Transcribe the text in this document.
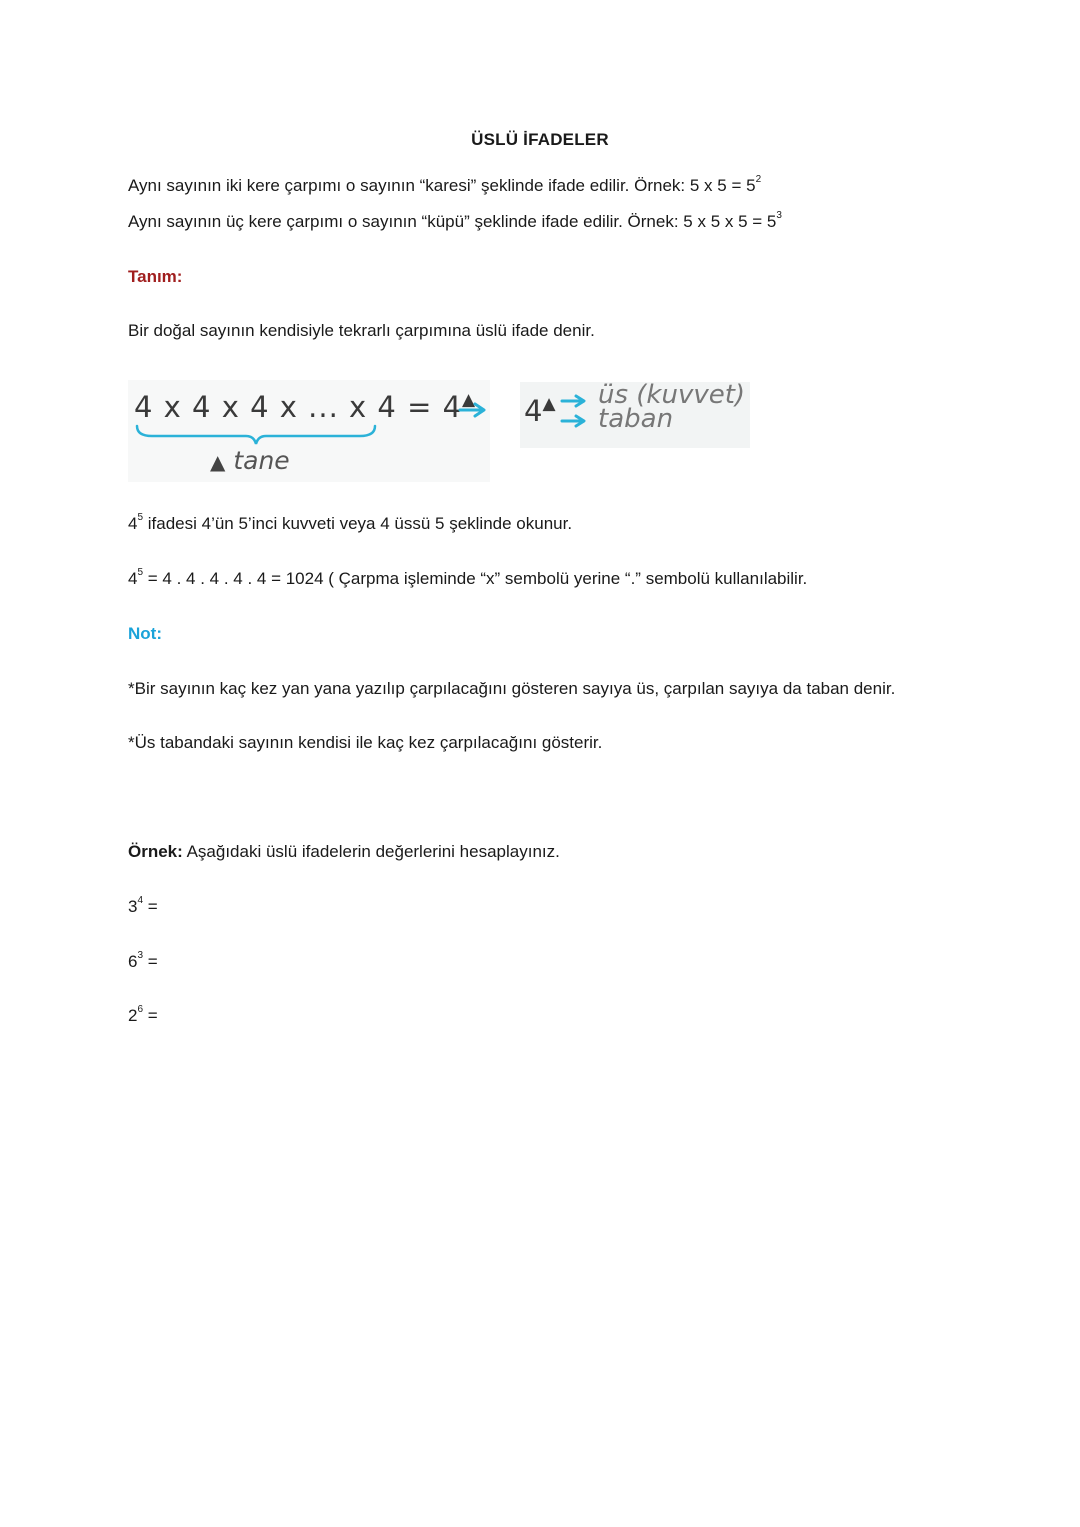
ÜSLÜ İFADELER
Aynı sayının iki kere çarpımı o sayının “karesi” şeklinde ifade edilir. Örnek: 5 x $5 = 5^2$
Aynı sayının üç kere çarpımı o sayının “küpü” şeklinde ifade edilir. Örnek: 5 x 5 x $5 = 5^3$
Tanım:
Bir doğal sayının kendisiyle tekrarlı çarpımına üslü ifade denir.
4 x 4 x 4 x ... x 4 = 4▲
▲ tane
4▲ üs (kuvvet)
taban
$4^5$ ifadesi 4’ün 5’inci kuvveti veya 4 üssü 5 şeklinde okunur.
$4^5 = 4$ . 4 . 4 . 4 . 4 = 1024 ( Çarpma işleminde “x” sembolü yerine “.” sembolü kullanılabilir.
Not:
*Bir sayının kaç kez yan yana yazılıp çarpılacağını gösteren sayıya üs, çarpılan sayıya da taban denir.
*Üs tabandaki sayının kendisi ile kaç kez çarpılacağını gösterir.
Örnek: Aşağıdaki üslü ifadelerin değerlerini hesaplayınız.
$3^4$ =
$6^3$ =
$2^6$ =
